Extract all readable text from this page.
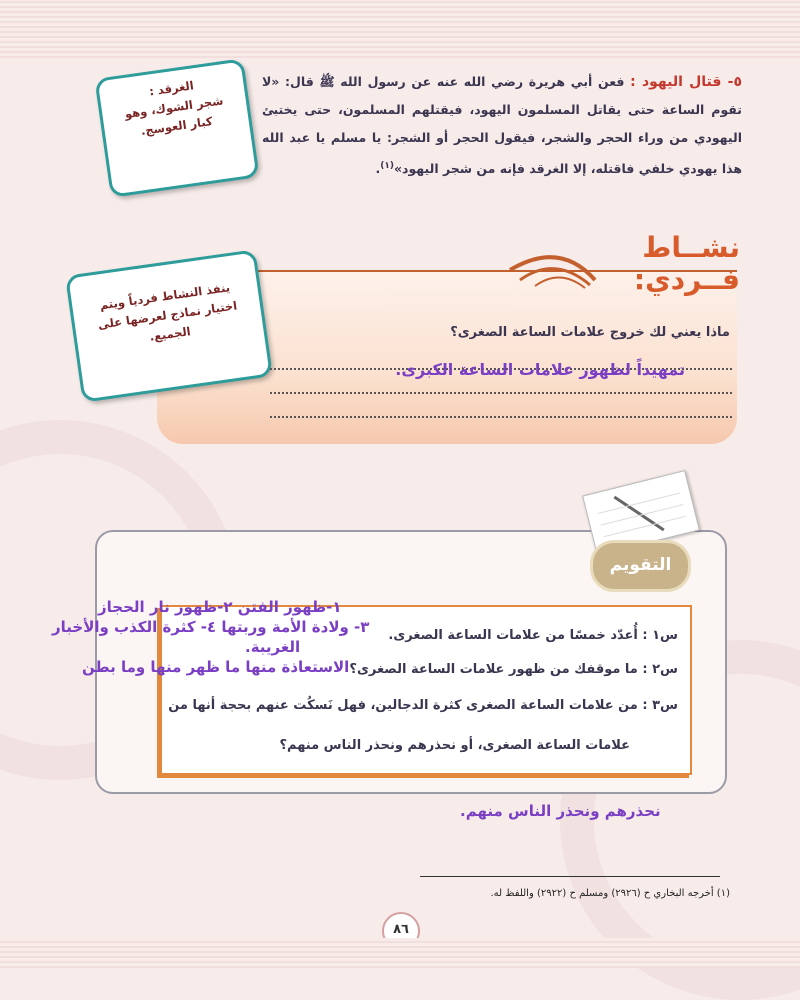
٥- قتال اليهود : فعن أبي هريرة رضي الله عنه عن رسول الله ﷺ قال: «لا تقوم الساعة حتى يقاتل المسلمون اليهود، فيقتلهم المسلمون، حتى يختبئ اليهودي من وراء الحجر والشجر، فيقول الحجر أو الشجر: يا مسلم يا عبد الله هذا يهودي خلفي فاقتله، إلا الغرقد فإنه من شجر اليهود»$^{(١)}$.
الغرقد :
شجر الشوك، وهو كبار العوسج.
نشــاط
فــردي:
ينفذ النشاط فردياً ويتم اختيار نماذج لعرضها على الجميع.	ماذا يعني لك خروج علامات الساعة الصغرى؟
تمهيداً لظهور علامات الساعة الكبرى.
التقويم
س١ : أُعدّد خمسًا من علامات الساعة الصغرى.
س٢ : ما موقفك من ظهور علامات الساعة الصغرى؟
س٣ : من علامات الساعة الصغرى كثرة الدجالين، فهل نَسكُت عنهم بحجة أنها من
علامات الساعة الصغرى، أو نحذرهم ونحذر الناس منهم؟
١-ظهور الفتن ٢-ظهور نار الحجاز
٣- ولادة الأمة وربتها ٤- كثرة الكذب والأخبار
الغريبة.
الاستعاذة منها ما ظهر منها وما بطن
نحذرهم ونحذر الناس منهم.
(١) أخرجه البخاري ح (٢٩٢٦) ومسلم ح (٢٩٢٢) واللفظ له.
٨٦
